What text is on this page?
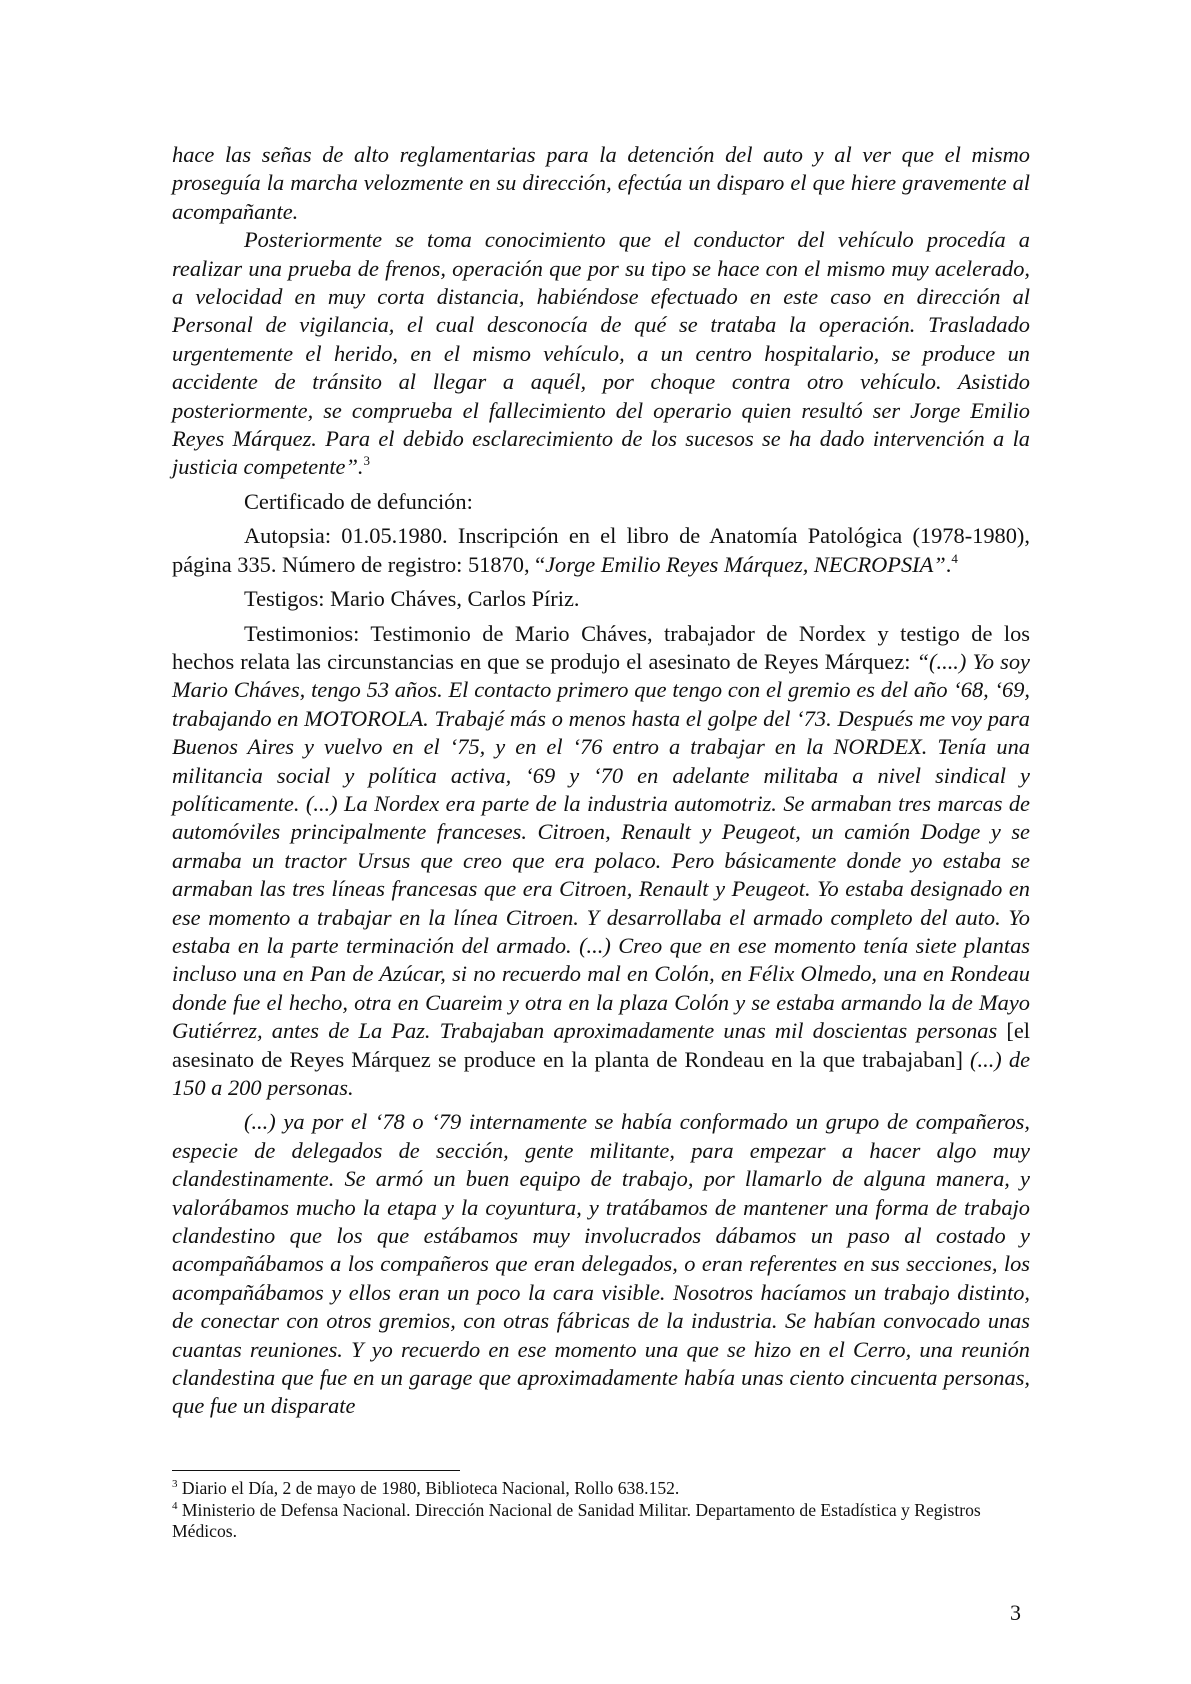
hace las señas de alto reglamentarias para la detención del auto y al ver que el mismo proseguía la marcha velozmente en su dirección, efectúa un disparo el que hiere gravemente al acompañante.

Posteriormente se toma conocimiento que el conductor del vehículo procedía a realizar una prueba de frenos, operación que por su tipo se hace con el mismo muy acelerado, a velocidad en muy corta distancia, habiéndose efectuado en este caso en dirección al Personal de vigilancia, el cual desconocía de qué se trataba la operación. Trasladado urgentemente el herido, en el mismo vehículo, a un centro hospitalario, se produce un accidente de tránsito al llegar a aquél, por choque contra otro vehículo. Asistido posteriormente, se comprueba el fallecimiento del operario quien resultó ser Jorge Emilio Reyes Márquez. Para el debido esclarecimiento de los sucesos se ha dado intervención a la justicia competente”.$^3$

Certificado de defunción:

Autopsia: 01.05.1980. Inscripción en el libro de Anatomía Patológica (1978-1980), página 335. Número de registro: 51870, “Jorge Emilio Reyes Márquez, NECROPSIA”.$^4$

Testigos: Mario Cháves, Carlos Píriz.

Testimonios: Testimonio de Mario Cháves, trabajador de Nordex y testigo de los hechos relata las circunstancias en que se produjo el asesinato de Reyes Márquez: “(....) Yo soy Mario Cháves, tengo 53 años. El contacto primero que tengo con el gremio es del año ‘68, ‘69, trabajando en MOTOROLA. Trabajé más o menos hasta el golpe del ‘73. Después me voy para Buenos Aires y vuelvo en el ‘75, y en el ‘76 entro a trabajar en la NORDEX. Tenía una militancia social y política activa, ‘69 y ‘70 en adelante militaba a nivel sindical y políticamente. (...) La Nordex era parte de la industria automotriz. Se armaban tres marcas de automóviles principalmente franceses. Citroen, Renault y Peugeot, un camión Dodge y se armaba un tractor Ursus que creo que era polaco. Pero básicamente donde yo estaba se armaban las tres líneas francesas que era Citroen, Renault y Peugeot. Yo estaba designado en ese momento a trabajar en la línea Citroen. Y desarrollaba el armado completo del auto. Yo estaba en la parte terminación del armado. (...) Creo que en ese momento tenía siete plantas incluso una en Pan de Azúcar, si no recuerdo mal en Colón, en Félix Olmedo, una en Rondeau donde fue el hecho, otra en Cuareim y otra en la plaza Colón y se estaba armando la de Mayo Gutiérrez, antes de La Paz. Trabajaban aproximadamente unas mil doscientas personas [el asesinato de Reyes Márquez se produce en la planta de Rondeau en la que trabajaban] (...) de 150 a 200 personas.

(...) ya por el ‘78 o ‘79 internamente se había conformado un grupo de compañeros, especie de delegados de sección, gente militante, para empezar a hacer algo muy clandestinamente. Se armó un buen equipo de trabajo, por llamarlo de alguna manera, y valorábamos mucho la etapa y la coyuntura, y tratábamos de mantener una forma de trabajo clandestino que los que estábamos muy involucrados dábamos un paso al costado y acompañábamos a los compañeros que eran delegados, o eran referentes en sus secciones, los acompañábamos y ellos eran un poco la cara visible. Nosotros hacíamos un trabajo distinto, de conectar con otros gremios, con otras fábricas de la industria. Se habían convocado unas cuantas reuniones. Y yo recuerdo en ese momento una que se hizo en el Cerro, una reunión clandestina que fue en un garage que aproximadamente había unas ciento cincuenta personas, que fue un disparate

$^3$ Diario el Día, 2 de mayo de 1980, Biblioteca Nacional, Rollo 638.152.

$^4$ Ministerio de Defensa Nacional. Dirección Nacional de Sanidad Militar. Departamento de Estadística y Registros Médicos.

3
